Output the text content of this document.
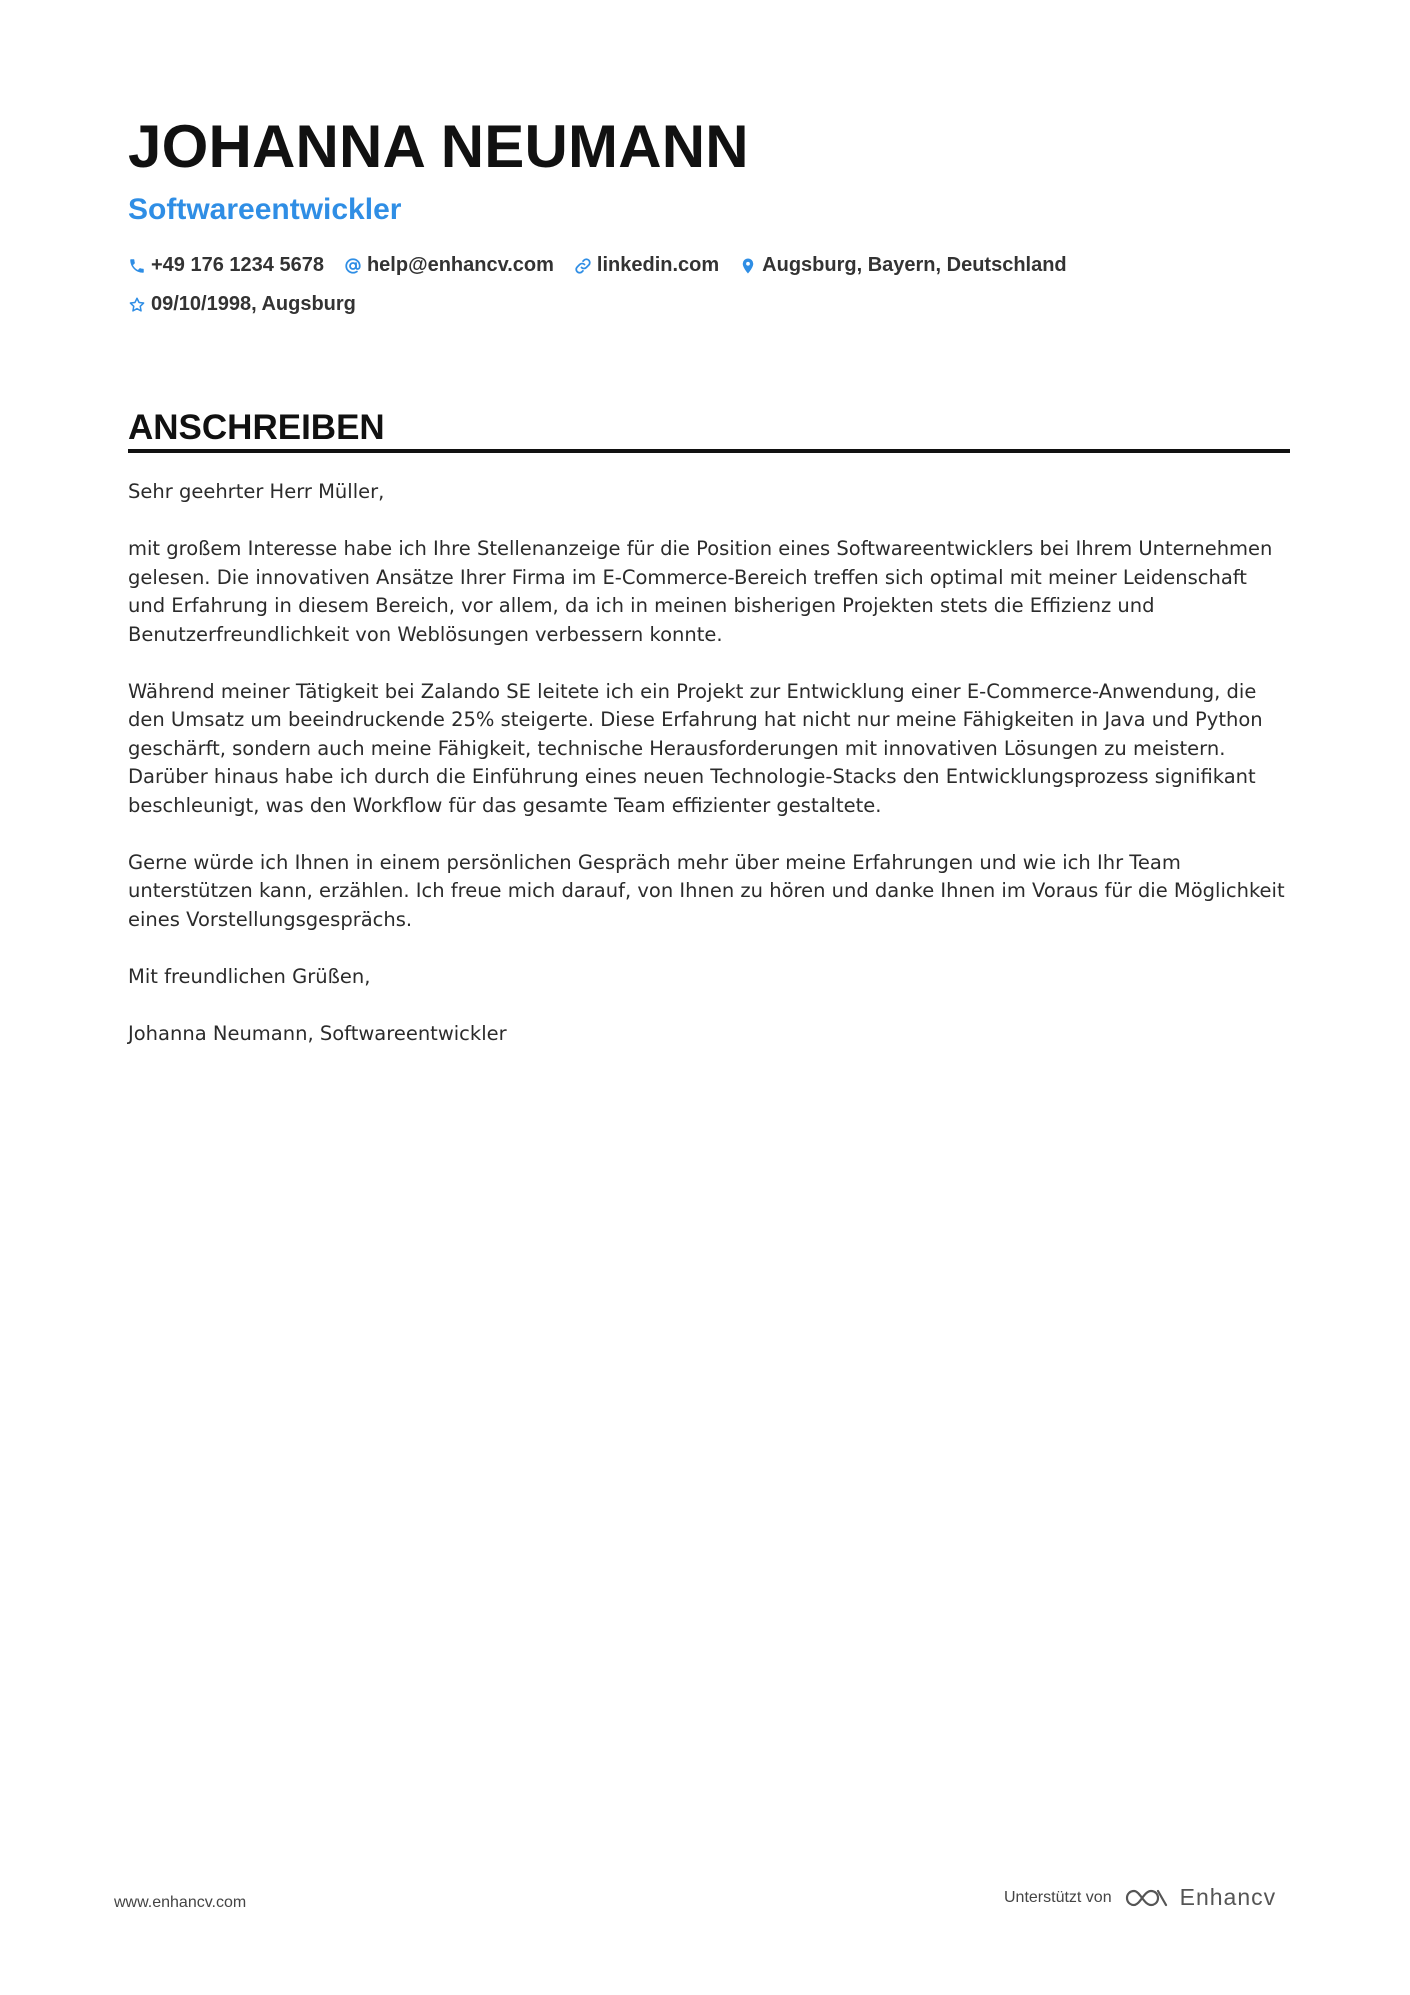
JOHANNA NEUMANN
Softwareentwickler
+49 176 1234 5678 help@enhancv.com linkedin.com Augsburg, Bayern, Deutschland
09/10/1998, Augsburg
ANSCHREIBEN

Sehr geehrter Herr Müller,

mit großem Interesse habe ich Ihre Stellenanzeige für die Position eines Softwareentwicklers bei Ihrem Unternehmen gelesen. Die innovativen Ansätze Ihrer Firma im E-Commerce-Bereich treffen sich optimal mit meiner Leidenschaft und Erfahrung in diesem Bereich, vor allem, da ich in meinen bisherigen Projekten stets die Effizienz und Benutzerfreundlichkeit von Weblösungen verbessern konnte.

Während meiner Tätigkeit bei Zalando SE leitete ich ein Projekt zur Entwicklung einer E-Commerce-Anwendung, die den Umsatz um beeindruckende 25% steigerte. Diese Erfahrung hat nicht nur meine Fähigkeiten in Java und Python geschärft, sondern auch meine Fähigkeit, technische Herausforderungen mit innovativen Lösungen zu meistern. Darüber hinaus habe ich durch die Einführung eines neuen Technologie-Stacks den Entwicklungsprozess signifikant beschleunigt, was den Workflow für das gesamte Team effizienter gestaltete.

Gerne würde ich Ihnen in einem persönlichen Gespräch mehr über meine Erfahrungen und wie ich Ihr Team unterstützen kann, erzählen. Ich freue mich darauf, von Ihnen zu hören und danke Ihnen im Voraus für die Möglichkeit eines Vorstellungsgesprächs.

Mit freundlichen Grüßen,

Johanna Neumann, Softwareentwickler

www.enhancv.com	Unterstützt von	Enhancv
